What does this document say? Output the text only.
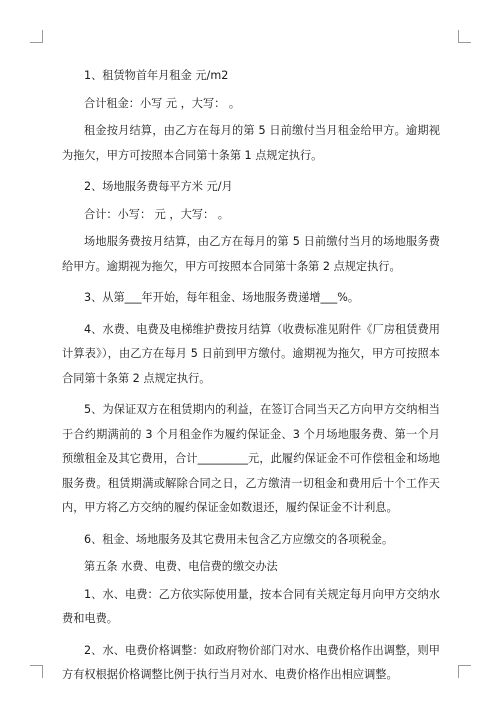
1、租赁物首年月租金 元/m2

合计租金：小写 元 ，大写： 。

租金按月结算，由乙方在每月的第 5 日前缴付当月租金给甲方。逾期视为拖欠，甲方可按照本合同第十条第 1 点规定执行。

2、场地服务费每平方米 元/月

合计：小写： 元 ，大写： 。

场地服务费按月结算，由乙方在每月的第 5 日前缴付当月的场地服务费给甲方。逾期视为拖欠，甲方可按照本合同第十条第 2 点规定执行。

3、从第___年开始，每年租金、场地服务费递增___%。

4、水费、电费及电梯维护费按月结算（收费标准见附件《厂房租赁费用计算表》），由乙方在每月 5 日前到甲方缴付。逾期视为拖欠，甲方可按照本合同第十条第 2 点规定执行。

5、为保证双方在租赁期内的利益，在签订合同当天乙方向甲方交纳相当于合约期满前的 3 个月租金作为履约保证金、3 个月场地服务费、第一个月预缴租金及其它费用，合计_________元，此履约保证金不可作偿租金和场地服务费。租赁期满或解除合同之日，乙方缴清一切租金和费用后十个工作天内，甲方将乙方交纳的履约保证金如数退还，履约保证金不计利息。

6、租金、场地服务及其它费用未包含乙方应缴交的各项税金。

第五条 水费、电费、电信费的缴交办法

1、水、电费：乙方依实际使用量，按本合同有关规定每月向甲方交纳水费和电费。

2、水、电费价格调整：如政府物价部门对水、电费价格作出调整，则甲方有权根据价格调整比例于执行当月对水、电费价格作出相应调整。
